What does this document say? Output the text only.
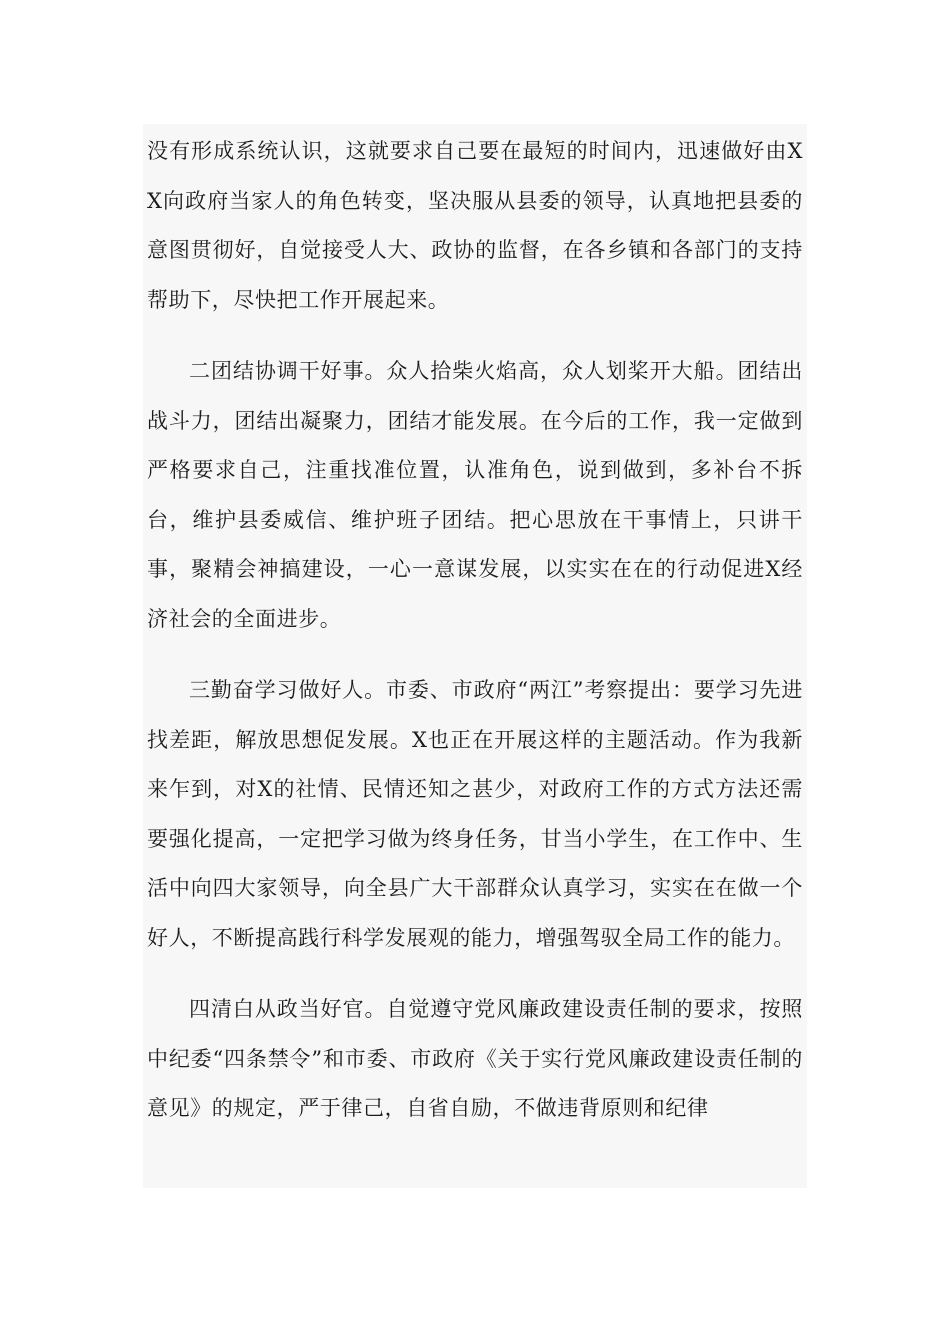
没有形成系统认识，这就要求自己要在最短的时间内，迅速做好由XX向政府当家人的角色转变，坚决服从县委的领导，认真地把县委的意图贯彻好，自觉接受人大、政协的监督，在各乡镇和各部门的支持帮助下，尽快把工作开展起来。

二团结协调干好事。众人拾柴火焰高，众人划桨开大船。团结出战斗力，团结出凝聚力，团结才能发展。在今后的工作，我一定做到严格要求自己，注重找准位置，认准角色，说到做到，多补台不拆台，维护县委威信、维护班子团结。把心思放在干事情上，只讲干事，聚精会神搞建设，一心一意谋发展，以实实在在的行动促进X经济社会的全面进步。

三勤奋学习做好人。市委、市政府“两江”考察提出：要学习先进找差距，解放思想促发展。X也正在开展这样的主题活动。作为我新来乍到，对X的社情、民情还知之甚少，对政府工作的方式方法还需要强化提高，一定把学习做为终身任务，甘当小学生，在工作中、生活中向四大家领导，向全县广大干部群众认真学习，实实在在做一个好人，不断提高践行科学发展观的能力，增强驾驭全局工作的能力。

四清白从政当好官。自觉遵守党风廉政建设责任制的要求，按照中纪委“四条禁令”和市委、市政府《关于实行党风廉政建设责任制的意见》的规定，严于律己，自省自励，不做违背原则和纪律
